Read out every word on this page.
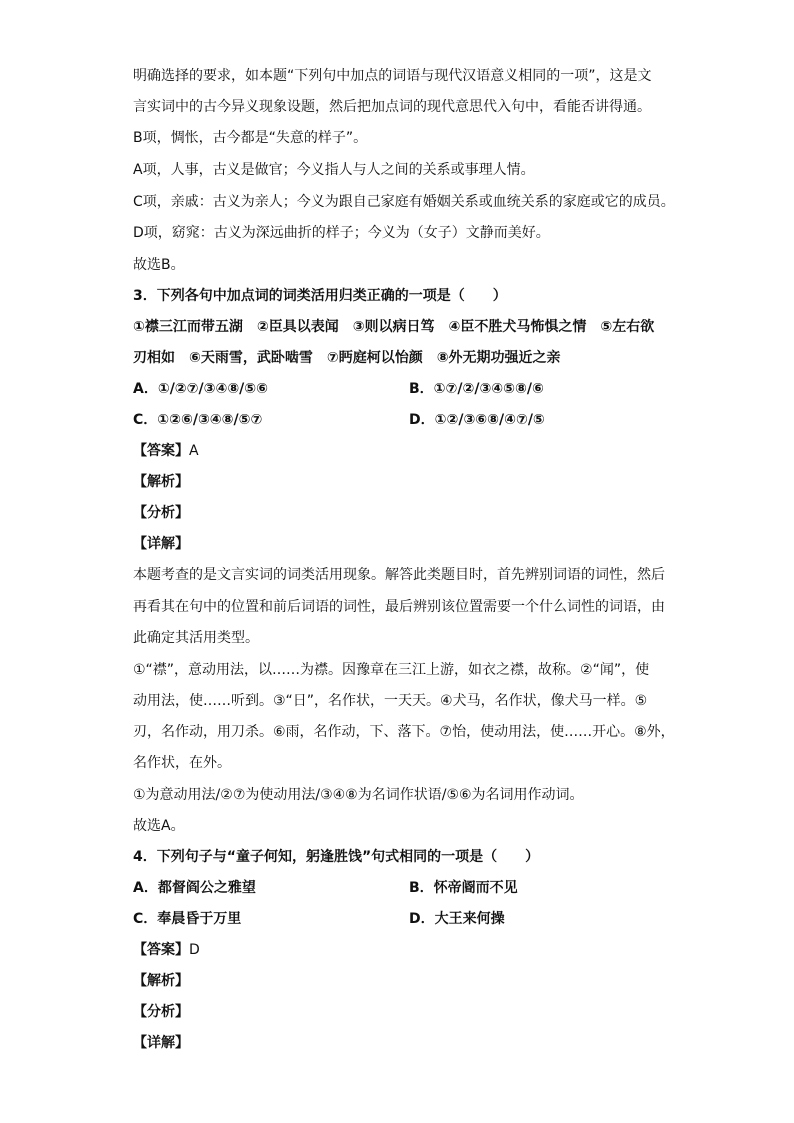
明确选择的要求，如本题“下列句中加点的词语与现代汉语意义相同的一项”，这是文
言实词中的古今异义现象设题，然后把加点词的现代意思代入句中，看能否讲得通。
B项，惆怅，古今都是“失意的样子”。
A项，人事，古义是做官；今义指人与人之间的关系或事理人情。
C项，亲戚：古义为亲人；今义为跟自己家庭有婚姻关系或血统关系的家庭或它的成员。
D项，窈窕：古义为深远曲折的样子；今义为（女子）文静而美好。
故选B。
3．下列各句中加点词的词类活用归类正确的一项是（　　）
①襟三江而带五湖　②臣具以表闻　③则以病日笃　④臣不胜犬马怖惧之情　⑤左右欲
刃相如　⑥天雨雪，武卧啮雪　⑦眄庭柯以怡颜　⑧外无期功强近之亲
A．①/②⑦/③④⑧/⑤⑥	B．①⑦/②/③④⑤⑧/⑥
C．①②⑥/③④⑧/⑤⑦	D．①②/③⑥⑧/④⑦/⑤
【答案】A
【解析】
【分析】
【详解】
本题考查的是文言实词的词类活用现象。解答此类题目时，首先辨别词语的词性，然后
再看其在句中的位置和前后词语的词性，最后辨别该位置需要一个什么词性的词语，由
此确定其活用类型。
①“襟”，意动用法，以……为襟。因豫章在三江上游，如衣之襟，故称。②“闻”，使
动用法，使……听到。③“日”，名作状，一天天。④犬马，名作状，像犬马一样。⑤
刃，名作动，用刀杀。⑥雨，名作动，下、落下。⑦怡，使动用法，使……开心。⑧外，
名作状，在外。
①为意动用法/②⑦为使动用法/③④⑧为名词作状语/⑤⑥为名词用作动词。
故选A。
4．下列句子与“童子何知，躬逢胜饯”句式相同的一项是（　　）
A．都督阎公之雅望	B．怀帝阍而不见
C．奉晨昏于万里	D．大王来何操
【答案】D
【解析】
【分析】
【详解】
